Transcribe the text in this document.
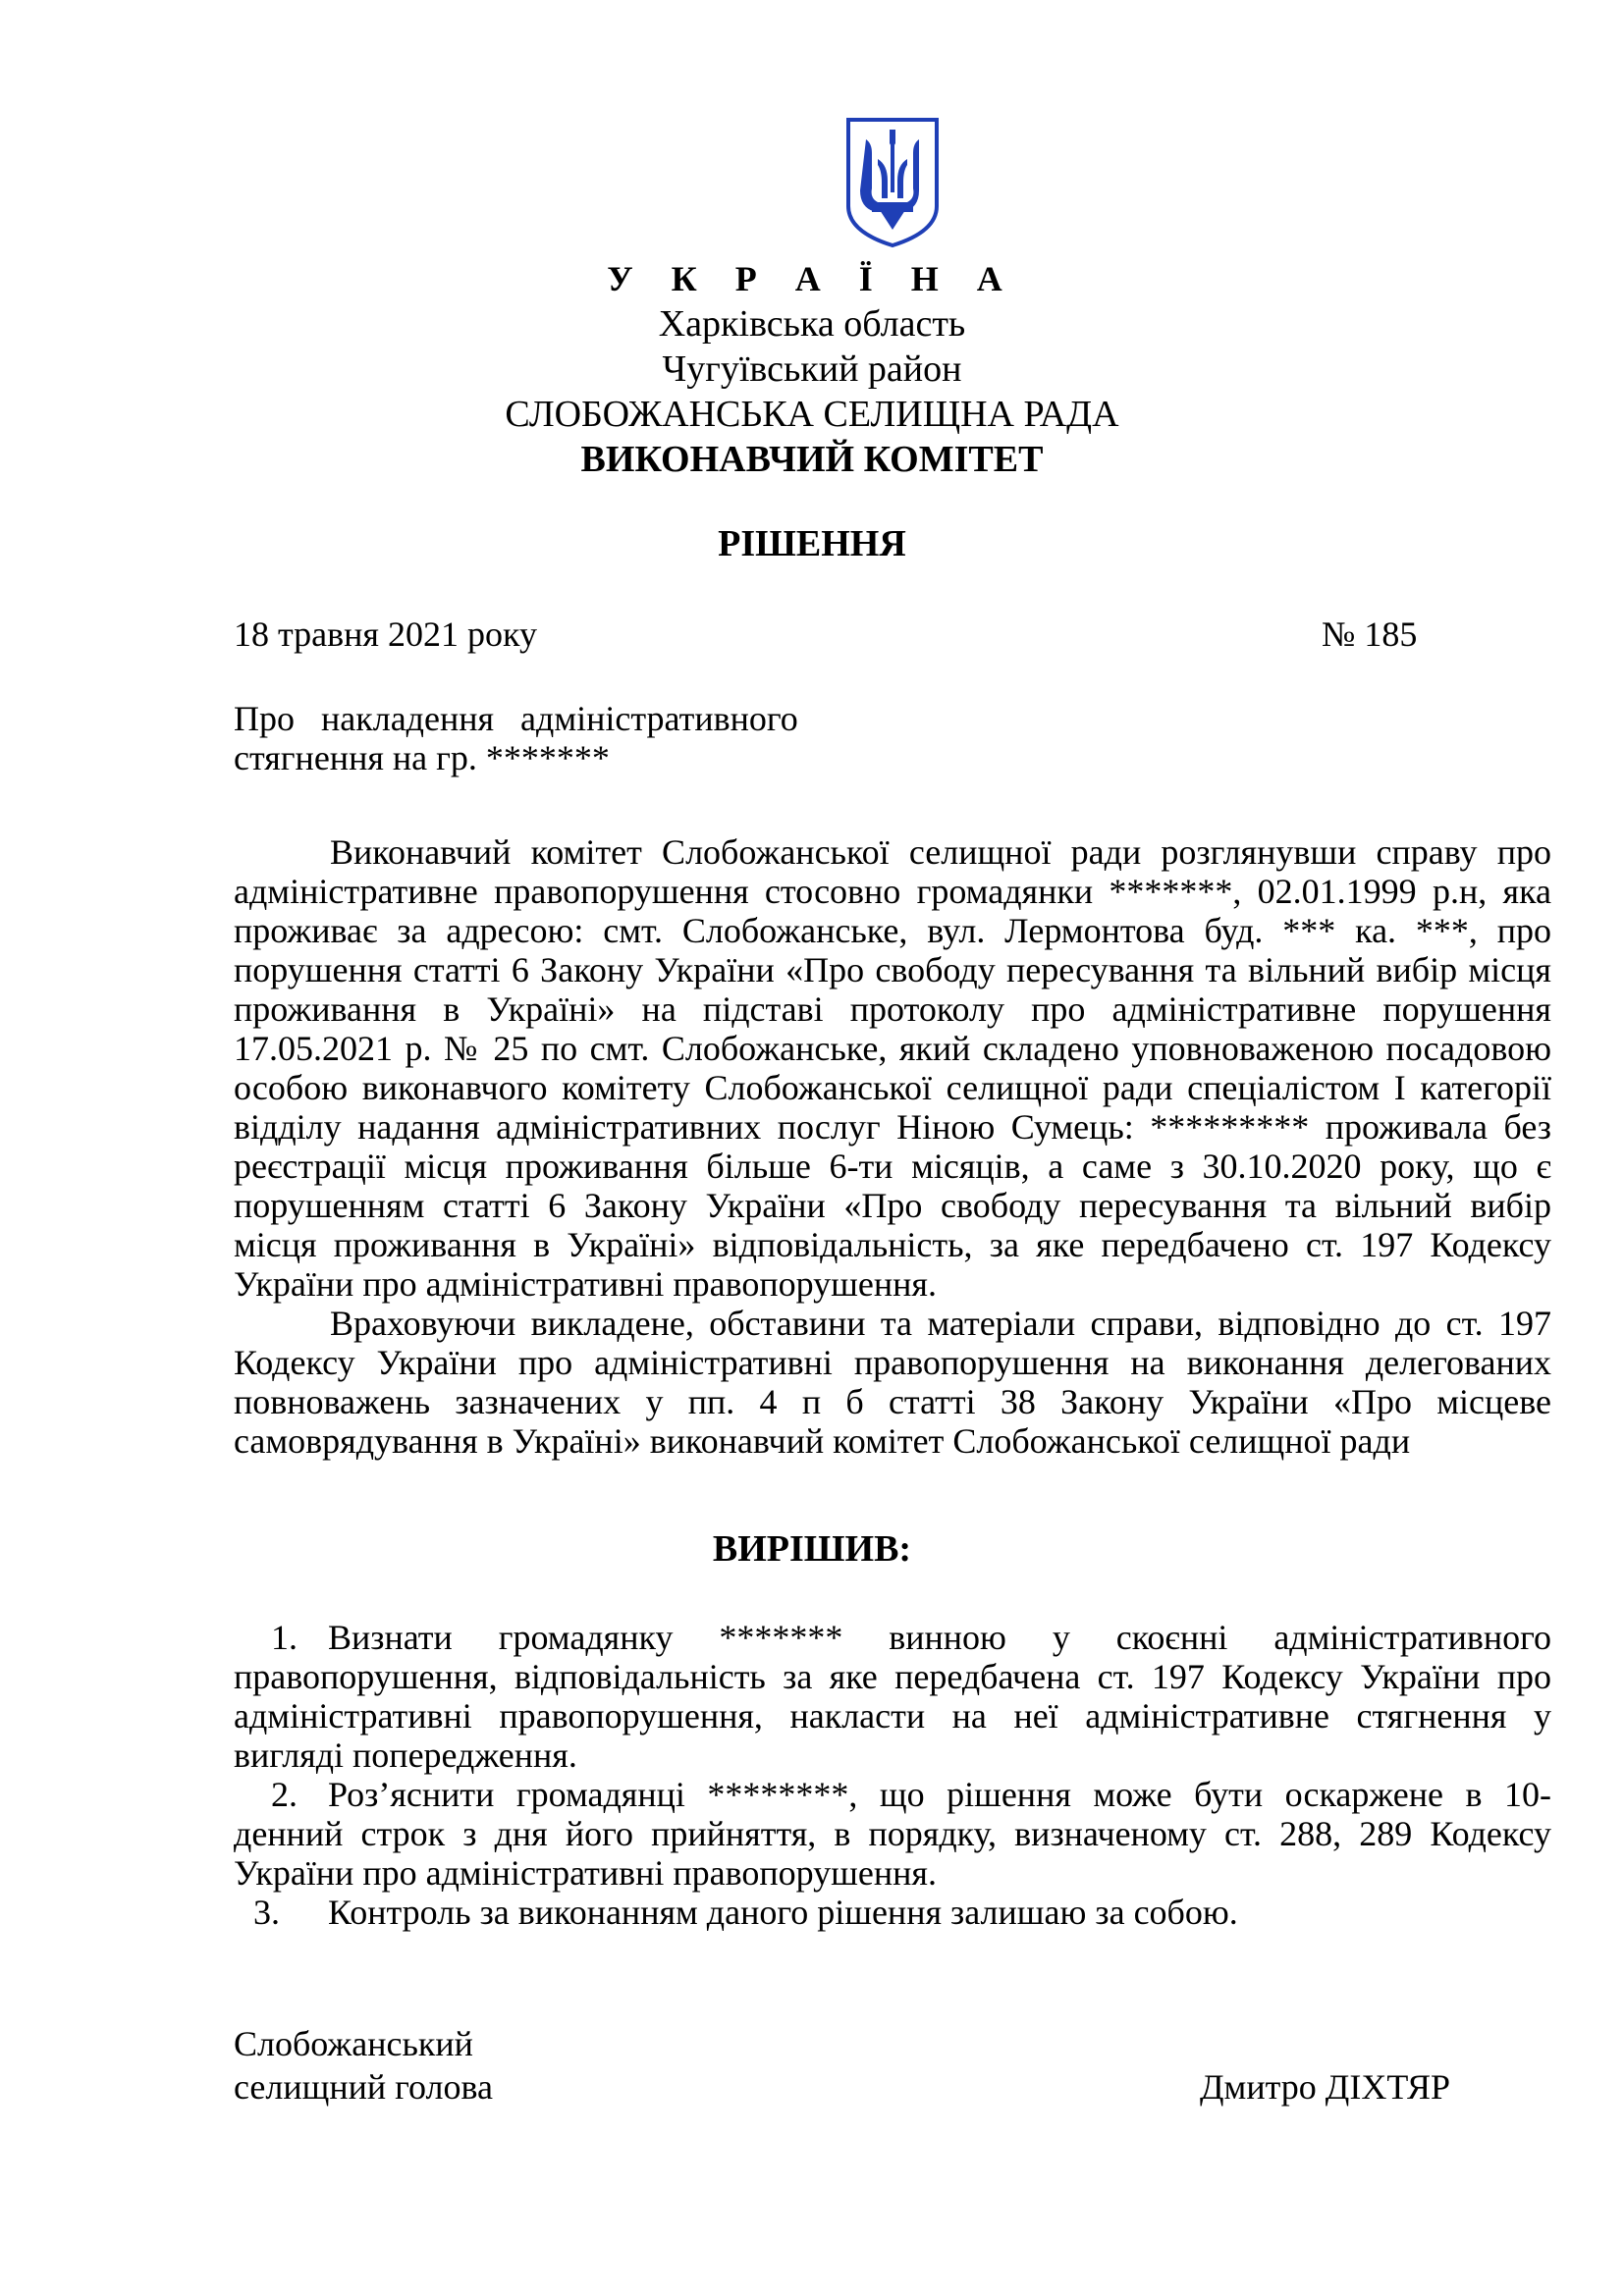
У К Р А Ї Н А
Харківська область
Чугуївський район
СЛОБОЖАНСЬКА СЕЛИЩНА РАДА
ВИКОНАВЧИЙ КОМІТЕТ
РІШЕННЯ
18 травня 2021 року	№ 185
Про   накладення   адміністративного
стягнення на гр. *******
Виконавчий комітет Слобожанської селищної ради розглянувши справу про
адміністративне правопорушення стосовно громадянки *******, 02.01.1999 р.н, яка
проживає за адресою: смт. Слобожанське, вул. Лермонтова буд. *** ка. ***, про
порушення статті 6 Закону України «Про свободу пересування та вільний вибір місця
проживання в Україні» на підставі протоколу про адміністративне порушення
17.05.2021 р. № 25 по смт. Слобожанське, який складено уповноваженою посадовою
особою виконавчого комітету Слобожанської селищної ради спеціалістом I категорії
відділу надання адміністративних послуг Ніною Сумець: ********* проживала без
реєстрації місця проживання більше 6-ти місяців, а саме з 30.10.2020 року, що є
порушенням статті 6 Закону України «Про свободу пересування та вільний вибір
місця проживання в Україні» відповідальність, за яке передбачено ст. 197 Кодексу
України про адміністративні правопорушення.
Враховуючи викладене, обставини та матеріали справи, відповідно до ст. 197
Кодексу України про адміністративні правопорушення на виконання делегованих
повноважень зазначених у пп. 4 п б статті 38 Закону України «Про місцеве
самоврядування в Україні» виконавчий комітет Слобожанської селищної ради
ВИРІШИВ:
1. Визнати громадянку ******* винною у скоєнні адміністративного
правопорушення, відповідальність за яке передбачена ст. 197 Кодексу України про
адміністративні правопорушення, накласти на неї адміністративне стягнення у
вигляді попередження.
2. Роз’яснити громадянці ********, що рішення може бути оскаржене в 10-
денний строк з дня його прийняття, в порядку, визначеному ст. 288, 289 Кодексу
України про адміністративні правопорушення.
3. Контроль за виконанням даного рішення залишаю за собою.
Слобожанський
селищний голова	Дмитро ДІХТЯР
